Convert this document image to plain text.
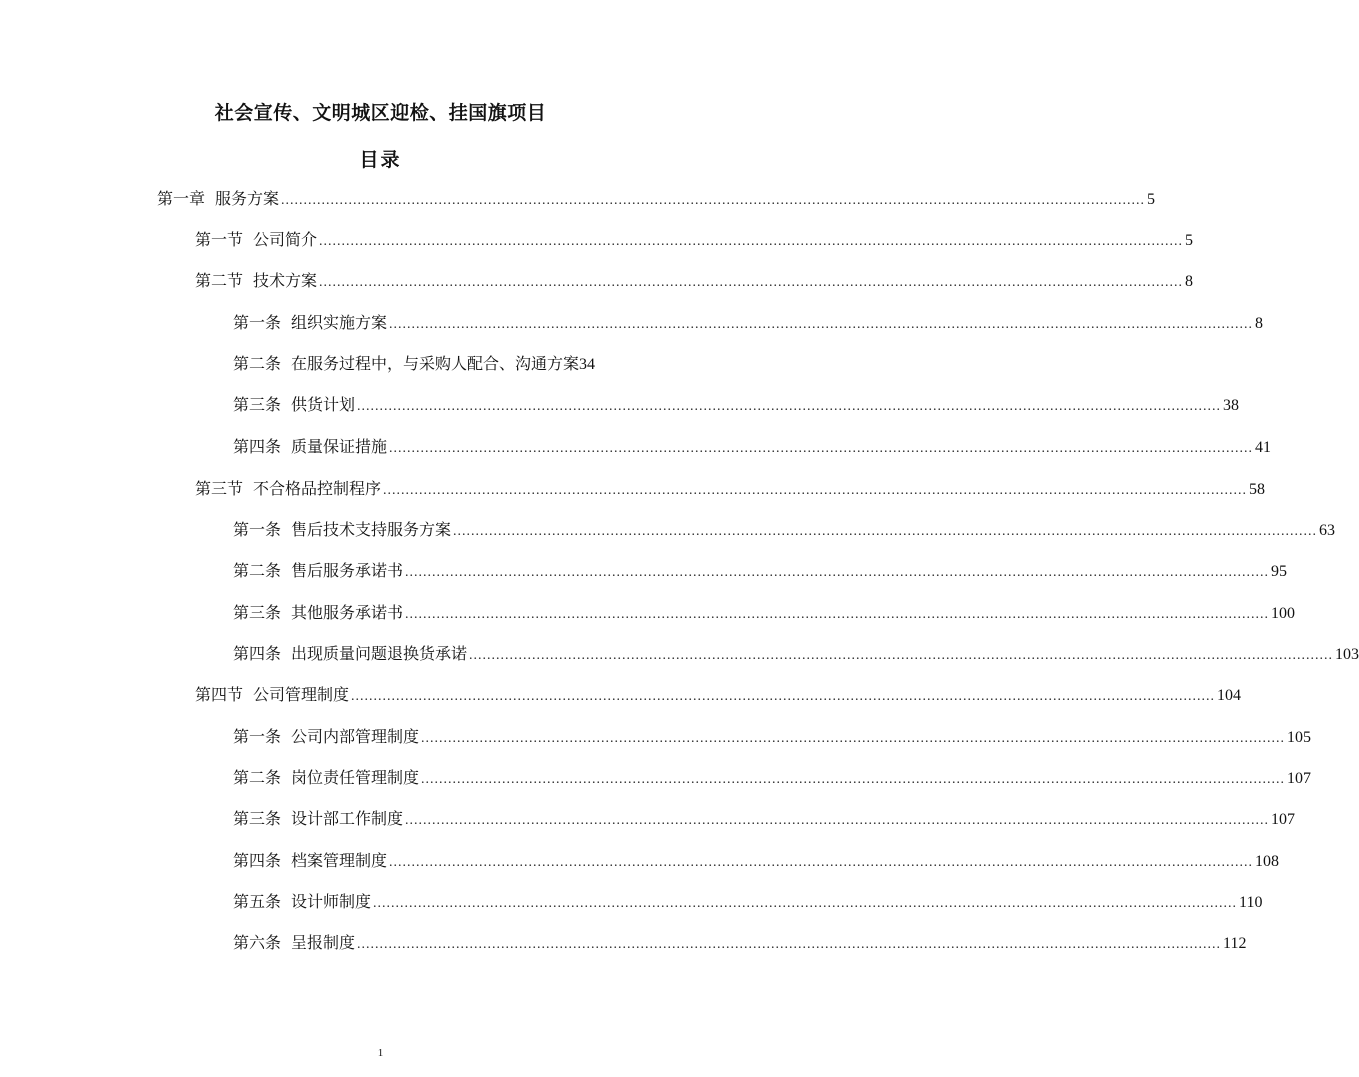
社会宣传、文明城区迎检、挂国旗项目
目录
第一章 服务方案 .....	5
第一节 公司简介 .....	5
第二节 技术方案 .....	8
第一条 组织实施方案 .....	8
第二条 在服务过程中，与采购人配合、沟通方案 34
第三条 供货计划 .....	38
第四条 质量保证措施 .....	41
第三节 不合格品控制程序 .....	58
第一条 售后技术支持服务方案 .....	63
第二条 售后服务承诺书 .....	95
第三条 其他服务承诺书 .....	100
第四条 出现质量问题退换货承诺 .....	103
第四节 公司管理制度 .....	104
第一条 公司内部管理制度 .....	105
第二条 岗位责任管理制度 .....	107
第三条 设计部工作制度 .....	107
第四条 档案管理制度 .....	108
第五条 设计师制度 .....	110
第六条 呈报制度 .....	112
1
